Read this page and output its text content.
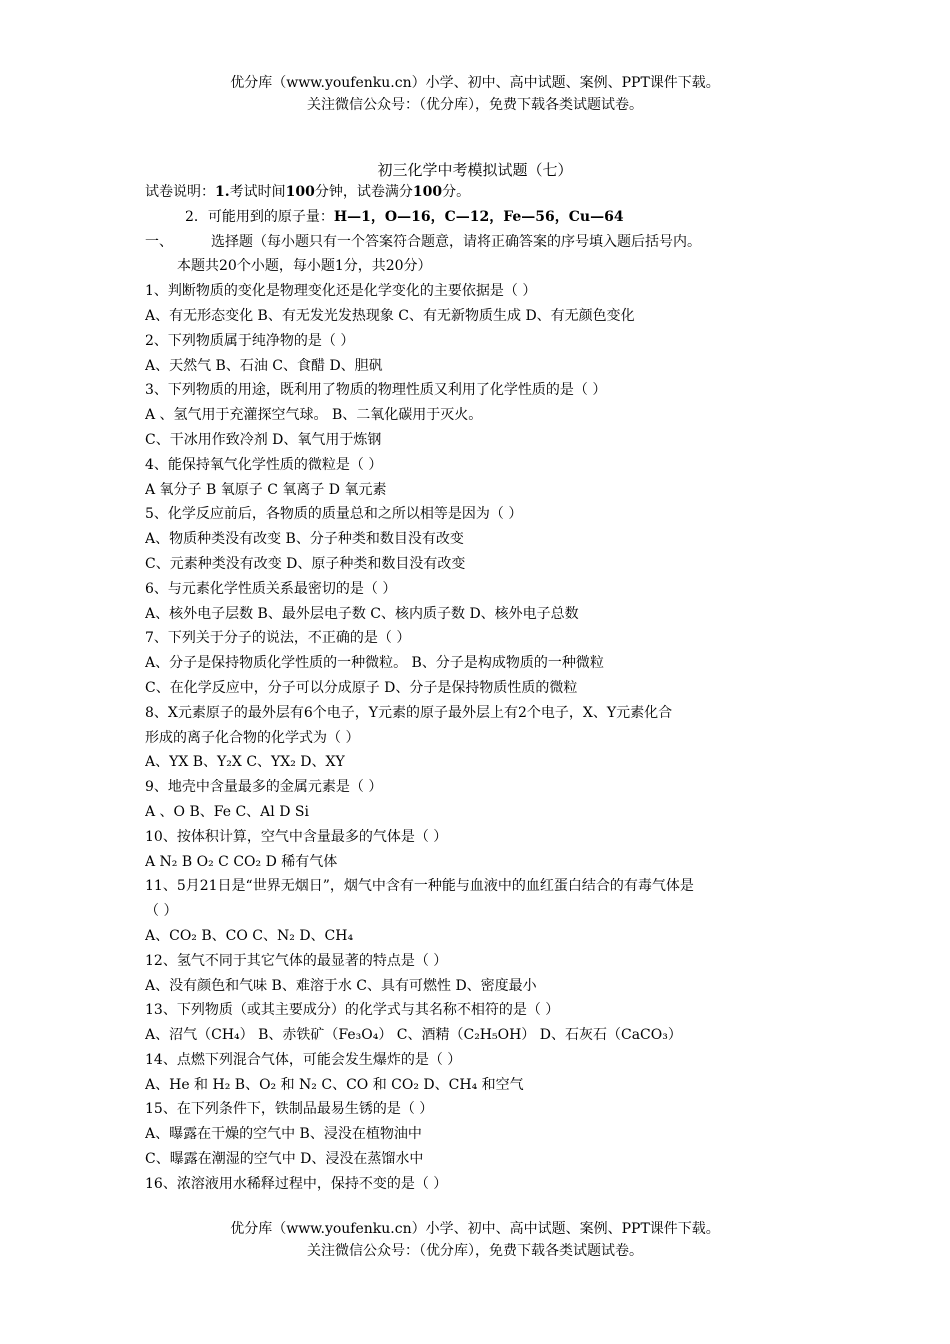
优分库（www.youfenku.cn）小学、初中、高中试题、案例、PPT课件下载。
关注微信公众号：（优分库），免费下载各类试题试卷。
初三化学中考模拟试题（七）
试卷说明：1.考试时间100分钟，试卷满分100分。
2．可能用到的原子量：H—1，O—16，C—12，Fe—56，Cu—64
一、	选择题（每小题只有一个答案符合题意，请将正确答案的序号填入题后括号内。
本题共20个小题，每小题1分，共20分）
1、判断物质的变化是物理变化还是化学变化的主要依据是（ ）
A、有无形态变化 B、有无发光发热现象 C、有无新物质生成 D、有无颜色变化
2、下列物质属于纯净物的是（ ）
A、天然气 B、石油 C、食醋 D、胆矾
3、下列物质的用途，既利用了物质的物理性质又利用了化学性质的是（ ）
A 、氢气用于充灌探空气球。 B、二氧化碳用于灭火。
C、干冰用作致冷剂 D、氧气用于炼钢
4、能保持氧气化学性质的微粒是（ ）
A 氧分子 B 氧原子 C 氧离子 D 氧元素
5、化学反应前后，各物质的质量总和之所以相等是因为（ ）
A、物质种类没有改变 B、分子种类和数目没有改变
C、元素种类没有改变 D、原子种类和数目没有改变
6、与元素化学性质关系最密切的是（ ）
A、核外电子层数 B、最外层电子数 C、核内质子数 D、核外电子总数
7、下列关于分子的说法，不正确的是（ ）
A、分子是保持物质化学性质的一种微粒。 B、分子是构成物质的一种微粒
C、在化学反应中，分子可以分成原子 D、分子是保持物质性质的微粒
8、X元素原子的最外层有6个电子，Y元素的原子最外层上有2个电子，X、Y元素化合
形成的离子化合物的化学式为（ ）
A、YX B、Y₂X C、YX₂ D、XY
9、地壳中含量最多的金属元素是（ ）
A 、O B、Fe C、Al D Si
10、按体积计算，空气中含量最多的气体是（ ）
A N₂ B O₂ C CO₂ D 稀有气体
11、5月21日是“世界无烟日”，烟气中含有一种能与血液中的血红蛋白结合的有毒气体是
（ ）
A、CO₂ B、CO C、N₂ D、CH₄
12、氢气不同于其它气体的最显著的特点是（ ）
A、没有颜色和气味 B、难溶于水 C、具有可燃性 D、密度最小
13、下列物质（或其主要成分）的化学式与其名称不相符的是（ ）
A、沼气（CH₄） B、赤铁矿（Fe₃O₄） C、酒精（C₂H₅OH） D、石灰石（CaCO₃）
14、点燃下列混合气体，可能会发生爆炸的是（ ）
A、He 和 H₂ B、O₂ 和 N₂ C、CO 和 CO₂ D、CH₄ 和空气
15、在下列条件下，铁制品最易生锈的是（ ）
A、曝露在干燥的空气中 B、浸没在植物油中
C、曝露在潮湿的空气中 D、浸没在蒸馏水中
16、浓溶液用水稀释过程中，保持不变的是（ ）
优分库（www.youfenku.cn）小学、初中、高中试题、案例、PPT课件下载。
关注微信公众号：（优分库），免费下载各类试题试卷。
